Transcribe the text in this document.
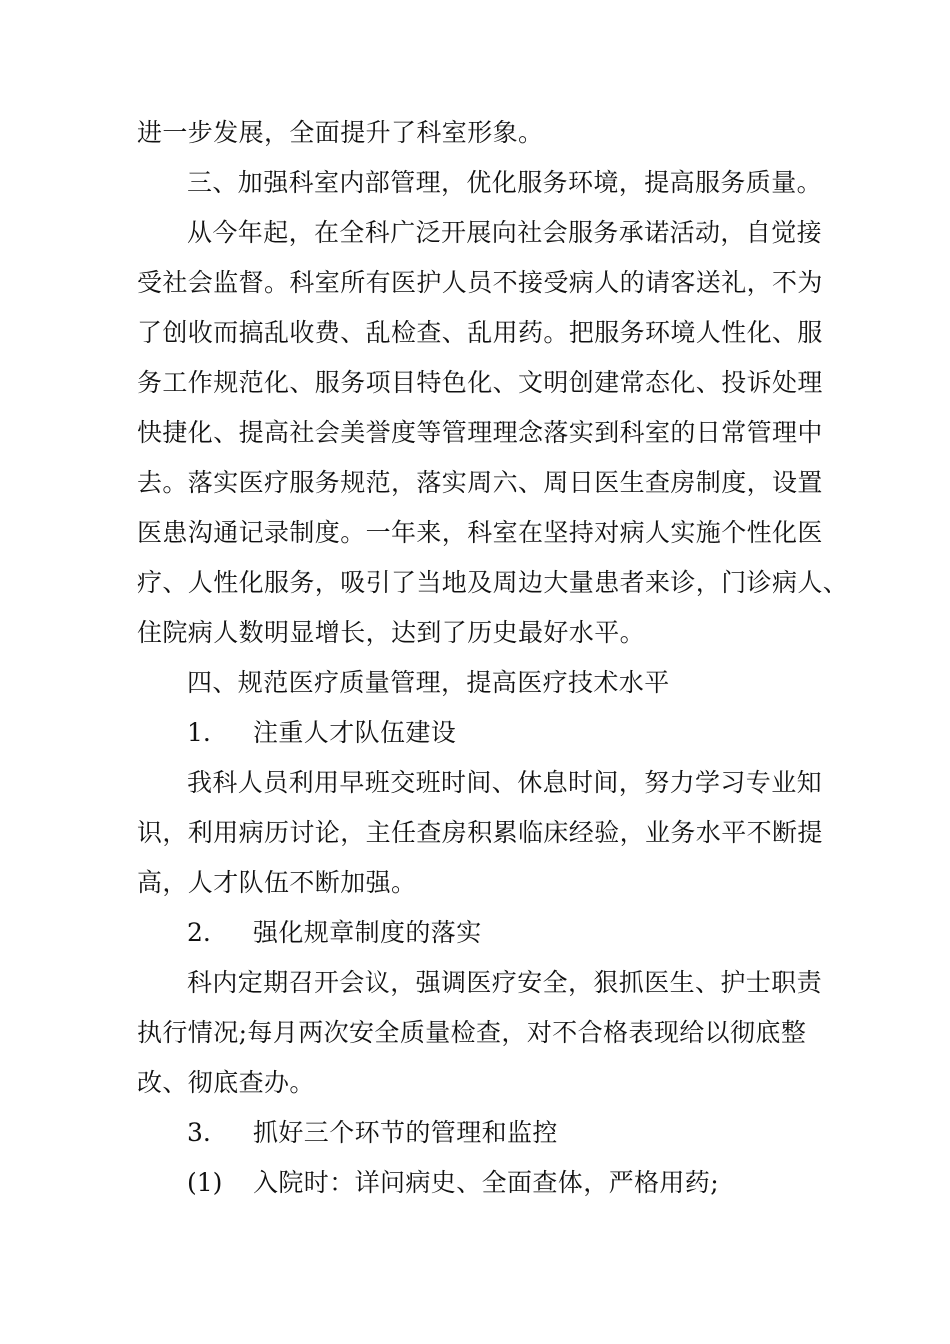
进一步发展，全面提升了科室形象。
三、加强科室内部管理，优化服务环境，提高服务质量。
从今年起，在全科广泛开展向社会服务承诺活动，自觉接
受社会监督。科室所有医护人员不接受病人的请客送礼，不为
了创收而搞乱收费、乱检查、乱用药。把服务环境人性化、服
务工作规范化、服务项目特色化、文明创建常态化、投诉处理
快捷化、提高社会美誉度等管理理念落实到科室的日常管理中
去。落实医疗服务规范，落实周六、周日医生查房制度，设置
医患沟通记录制度。一年来，科室在坚持对病人实施个性化医
疗、人性化服务，吸引了当地及周边大量患者来诊，门诊病人、
住院病人数明显增长，达到了历史最好水平。
四、规范医疗质量管理，提高医疗技术水平
1. 注重人才队伍建设
我科人员利用早班交班时间、休息时间，努力学习专业知
识，利用病历讨论，主任查房积累临床经验，业务水平不断提
高，人才队伍不断加强。
2. 强化规章制度的落实
科内定期召开会议，强调医疗安全，狠抓医生、护士职责
执行情况;每月两次安全质量检查，对不合格表现给以彻底整
改、彻底查办。
3. 抓好三个环节的管理和监控
(1) 入院时：详问病史、全面查体，严格用药;
